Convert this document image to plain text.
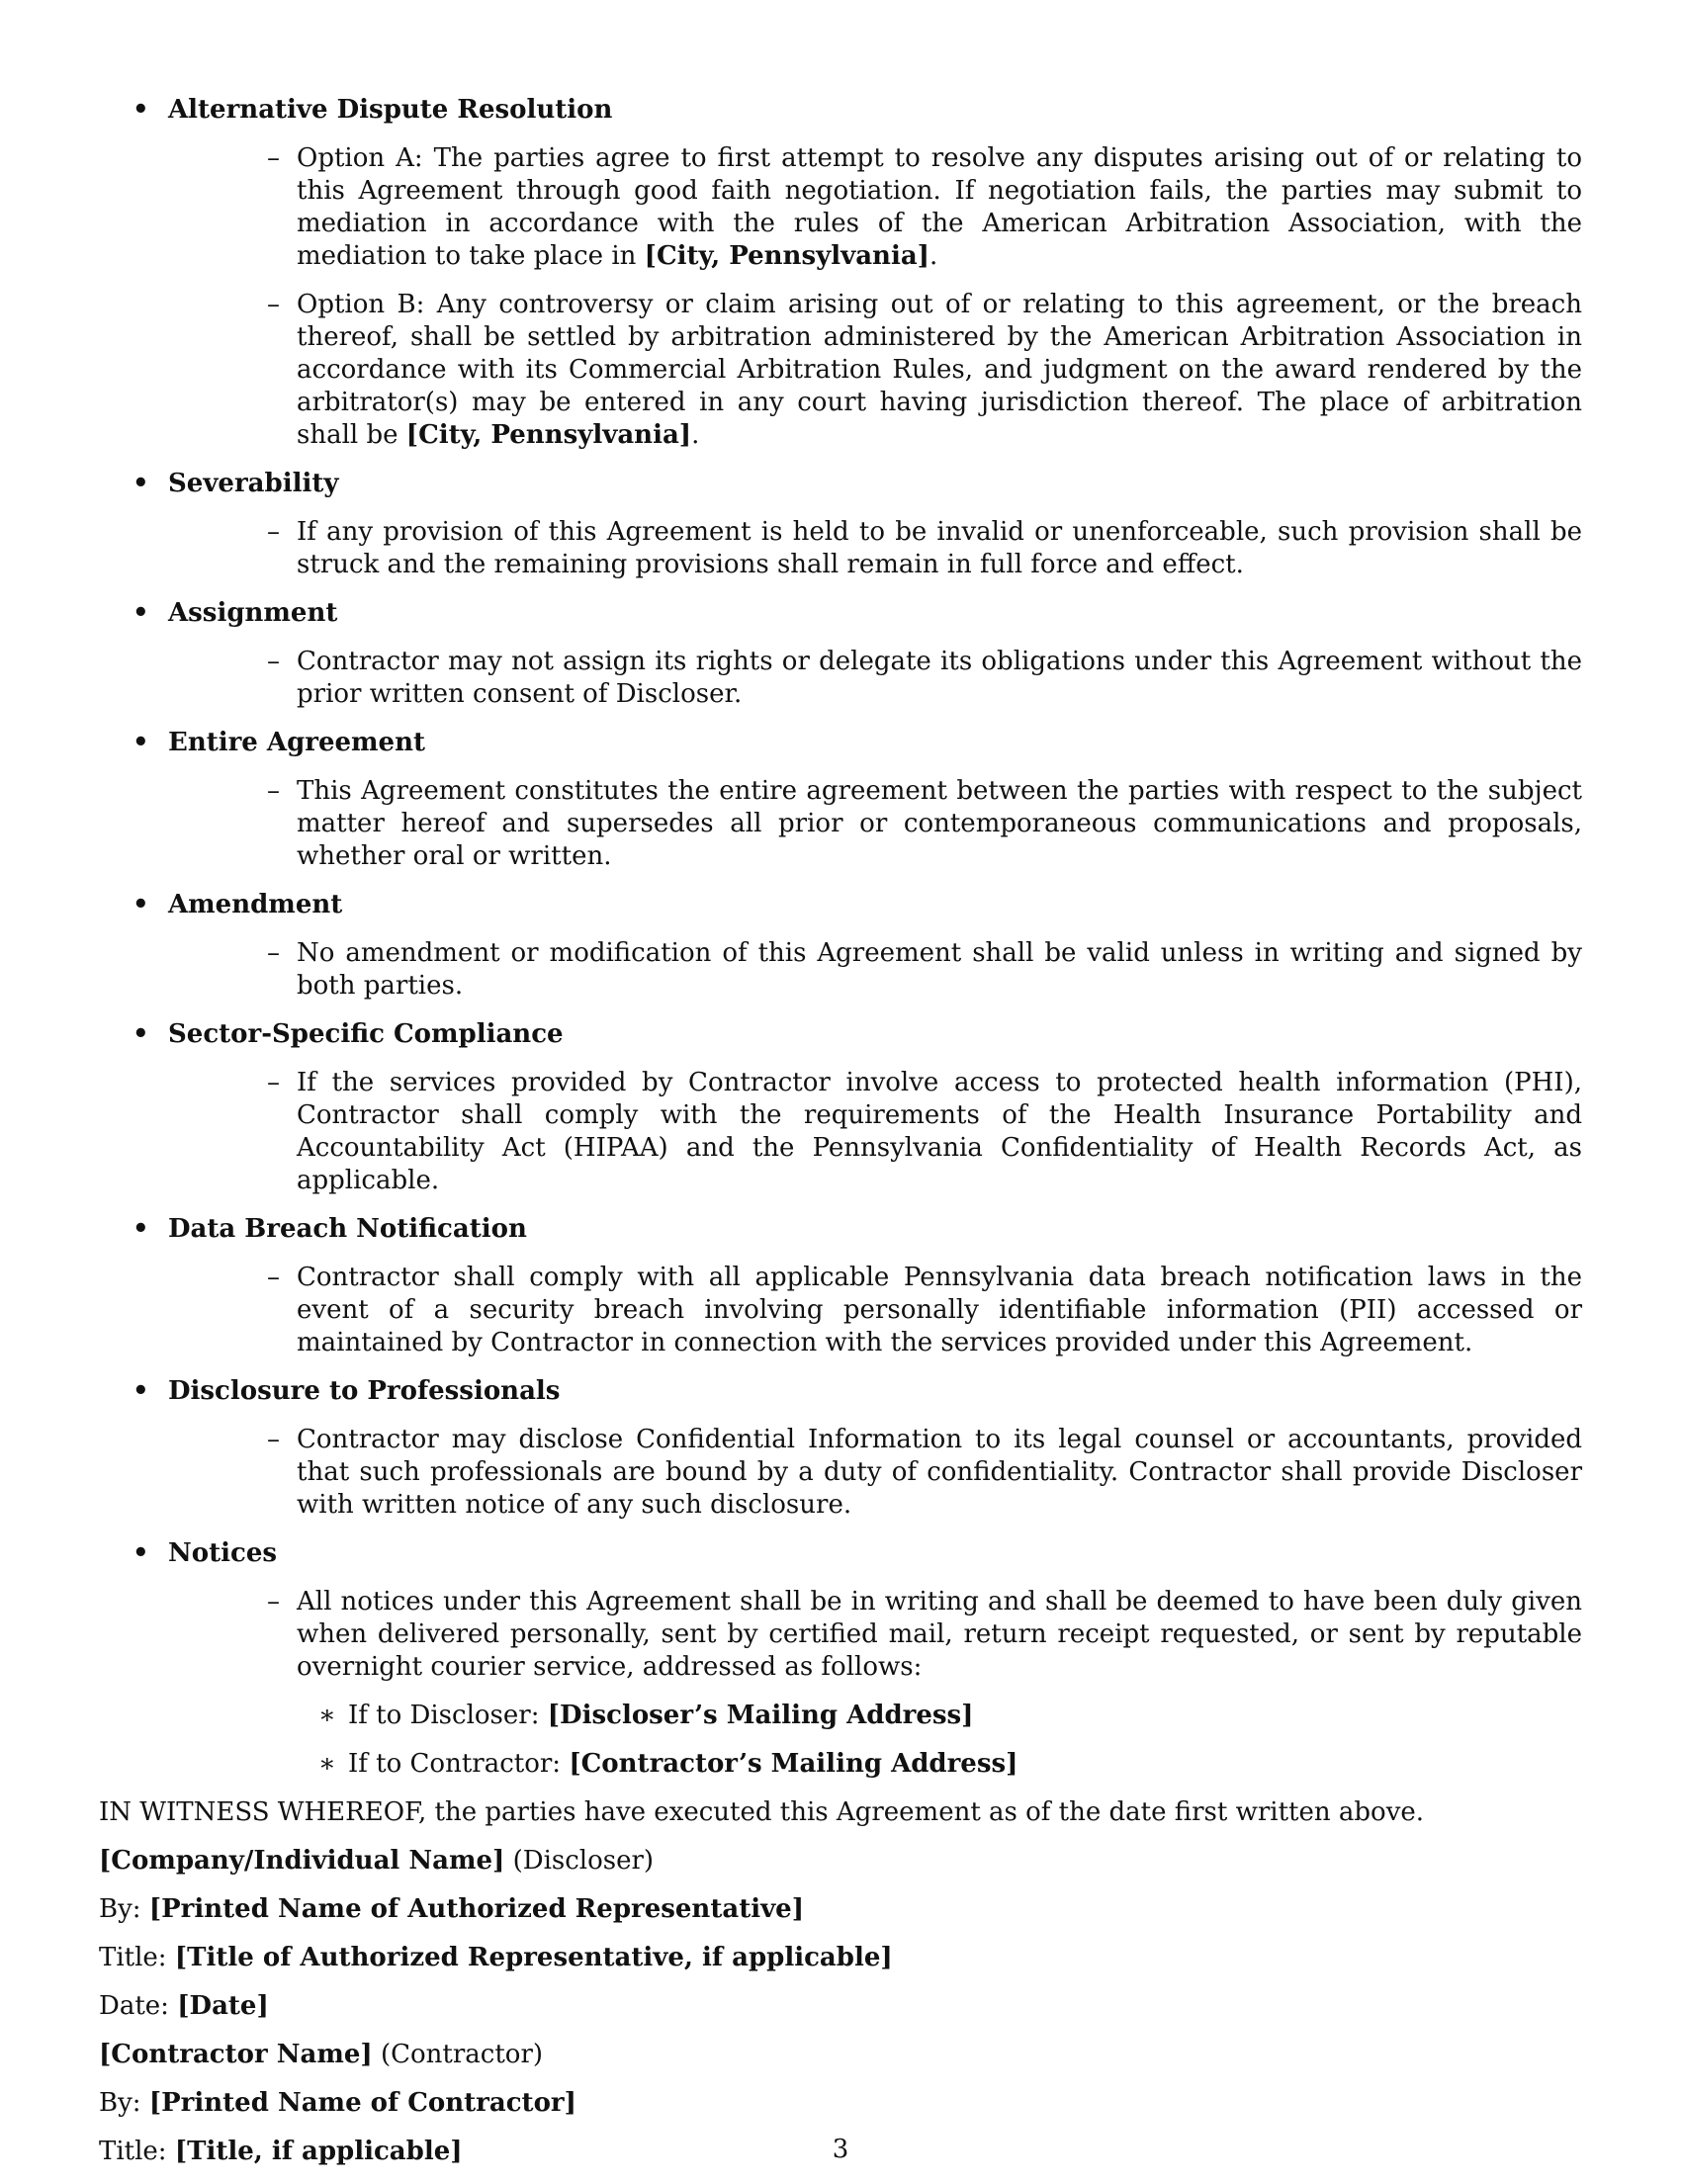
• Alternative Dispute Resolution
– Option A: The parties agree to first attempt to resolve any disputes arising out of or relating to this Agreement through good faith negotiation. If negotiation fails, the parties may submit to mediation in accordance with the rules of the American Arbitration Association, with the mediation to take place in [City, Pennsylvania].
– Option B: Any controversy or claim arising out of or relating to this agreement, or the breach thereof, shall be settled by arbitration administered by the American Arbitration Association in accordance with its Commercial Arbitration Rules, and judgment on the award rendered by the arbitrator(s) may be entered in any court having jurisdiction thereof. The place of arbitration shall be [City, Pennsylvania].
• Severability
– If any provision of this Agreement is held to be invalid or unenforceable, such provision shall be struck and the remaining provisions shall remain in full force and effect.
• Assignment
– Contractor may not assign its rights or delegate its obligations under this Agreement without the prior written consent of Discloser.
• Entire Agreement
– This Agreement constitutes the entire agreement between the parties with respect to the subject matter hereof and supersedes all prior or contemporaneous communications and proposals, whether oral or written.
• Amendment
– No amendment or modification of this Agreement shall be valid unless in writing and signed by both parties.
• Sector-Specific Compliance
– If the services provided by Contractor involve access to protected health information (PHI), Contractor shall comply with the requirements of the Health Insurance Portability and Accountability Act (HIPAA) and the Pennsylvania Confidentiality of Health Records Act, as applicable.
• Data Breach Notification
– Contractor shall comply with all applicable Pennsylvania data breach notification laws in the event of a security breach involving personally identifiable information (PII) accessed or maintained by Contractor in connection with the services provided under this Agreement.
• Disclosure to Professionals
– Contractor may disclose Confidential Information to its legal counsel or accountants, provided that such professionals are bound by a duty of confidentiality. Contractor shall provide Discloser with written notice of any such disclosure.
• Notices
– All notices under this Agreement shall be in writing and shall be deemed to have been duly given when delivered personally, sent by certified mail, return receipt requested, or sent by reputable overnight courier service, addressed as follows:
∗ If to Discloser: [Discloser’s Mailing Address]
∗ If to Contractor: [Contractor’s Mailing Address]
IN WITNESS WHEREOF, the parties have executed this Agreement as of the date first written above.
[Company/Individual Name] (Discloser)
By: [Printed Name of Authorized Representative]
Title: [Title of Authorized Representative, if applicable]
Date: [Date]
[Contractor Name] (Contractor)
By: [Printed Name of Contractor]
Title: [Title, if applicable]	3
